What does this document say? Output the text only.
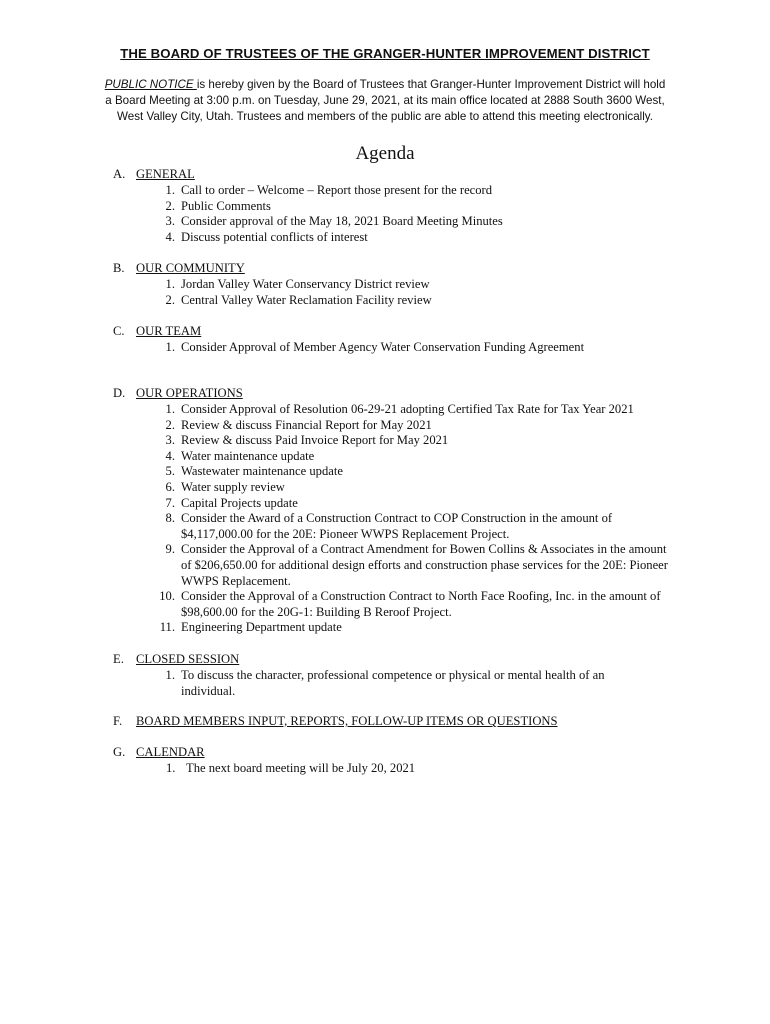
THE BOARD OF TRUSTEES OF THE GRANGER-HUNTER IMPROVEMENT DISTRICT
PUBLIC NOTICE is hereby given by the Board of Trustees that Granger-Hunter Improvement District will hold a Board Meeting at 3:00 p.m. on Tuesday, June 29, 2021, at its main office located at 2888 South 3600 West, West Valley City, Utah. Trustees and members of the public are able to attend this meeting electronically.
Agenda
A. GENERAL
1. Call to order – Welcome – Report those present for the record
2. Public Comments
3. Consider approval of the May 18, 2021 Board Meeting Minutes
4. Discuss potential conflicts of interest
B. OUR COMMUNITY
1. Jordan Valley Water Conservancy District review
2. Central Valley Water Reclamation Facility review
C. OUR TEAM
1. Consider Approval of Member Agency Water Conservation Funding Agreement
D. OUR OPERATIONS
1. Consider Approval of Resolution 06-29-21 adopting Certified Tax Rate for Tax Year 2021
2. Review & discuss Financial Report for May 2021
3. Review & discuss Paid Invoice Report for May 2021
4. Water maintenance update
5. Wastewater maintenance update
6. Water supply review
7. Capital Projects update
8. Consider the Award of a Construction Contract to COP Construction in the amount of $4,117,000.00 for the 20E: Pioneer WWPS Replacement Project.
9. Consider the Approval of a Contract Amendment for Bowen Collins & Associates in the amount of $206,650.00 for additional design efforts and construction phase services for the 20E: Pioneer WWPS Replacement.
10. Consider the Approval of a Construction Contract to North Face Roofing, Inc. in the amount of $98,600.00 for the 20G-1: Building B Reroof Project.
11. Engineering Department update
E. CLOSED SESSION
1. To discuss the character, professional competence or physical or mental health of an individual.
F. BOARD MEMBERS INPUT, REPORTS, FOLLOW-UP ITEMS OR QUESTIONS
G. CALENDAR
1. The next board meeting will be July 20, 2021
